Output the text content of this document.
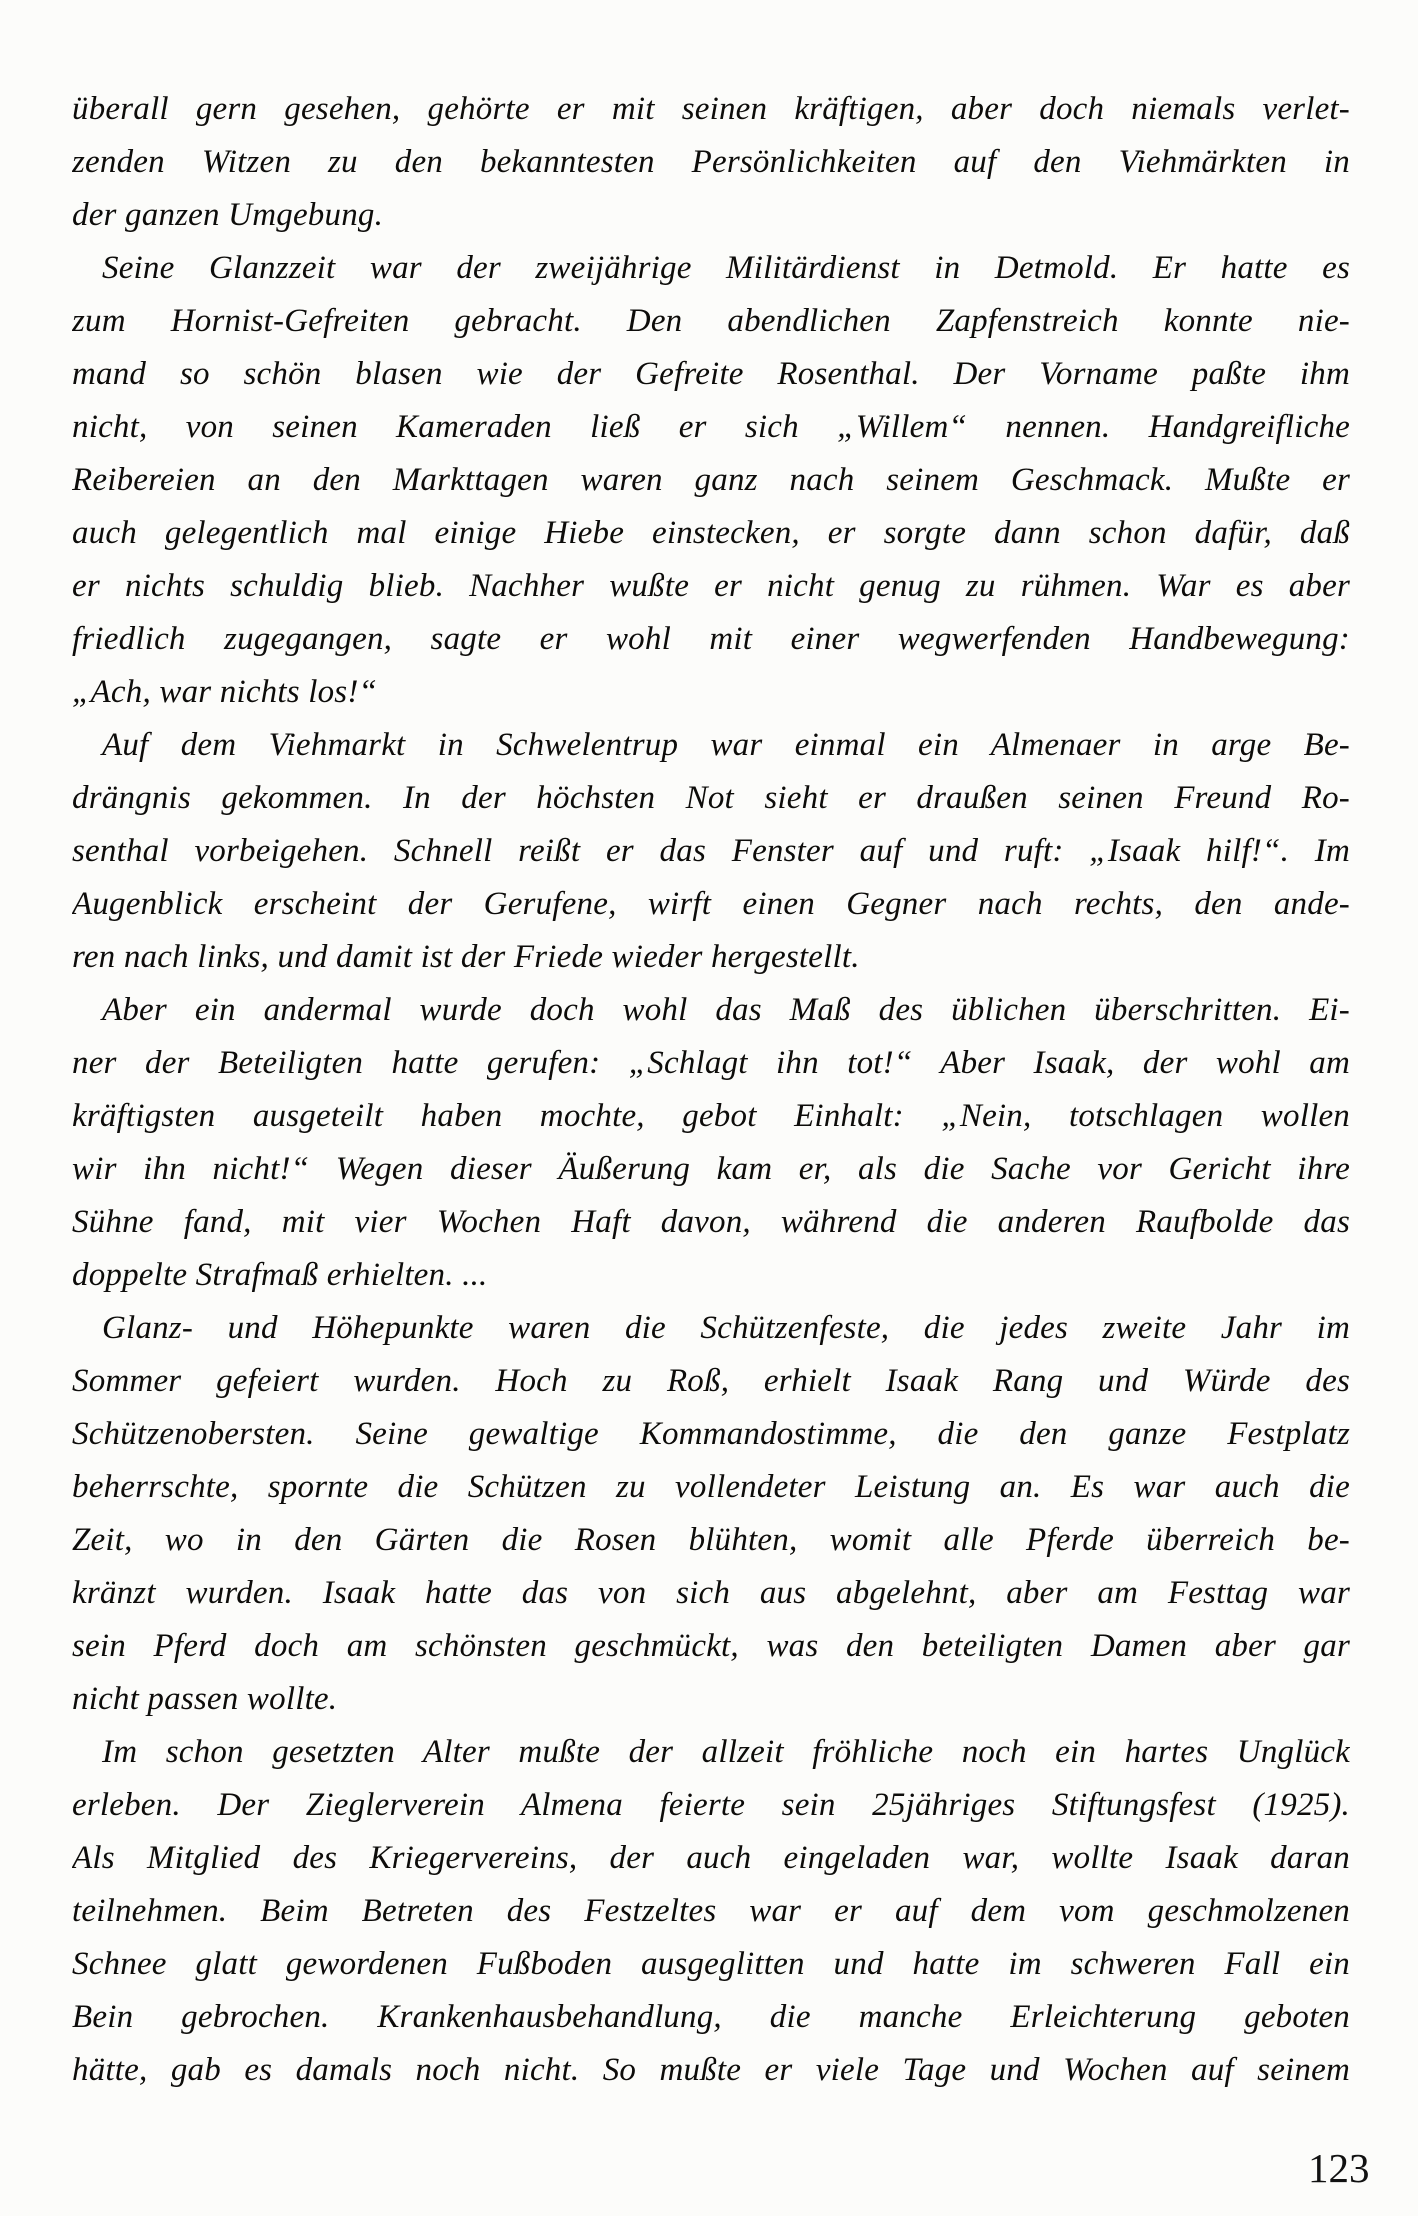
überall gern gesehen, gehörte er mit seinen kräftigen, aber doch niemals verlet-
zenden Witzen zu den bekanntesten Persönlichkeiten auf den Viehmärkten in
der ganzen Umgebung.
Seine Glanzzeit war der zweijährige Militärdienst in Detmold. Er hatte es
zum Hornist-Gefreiten gebracht. Den abendlichen Zapfenstreich konnte nie-
mand so schön blasen wie der Gefreite Rosenthal. Der Vorname paßte ihm
nicht, von seinen Kameraden ließ er sich „Willem“ nennen. Handgreifliche
Reibereien an den Markttagen waren ganz nach seinem Geschmack. Mußte er
auch gelegentlich mal einige Hiebe einstecken, er sorgte dann schon dafür, daß
er nichts schuldig blieb. Nachher wußte er nicht genug zu rühmen. War es aber
friedlich zugegangen, sagte er wohl mit einer wegwerfenden Handbewegung:
„Ach, war nichts los!“
Auf dem Viehmarkt in Schwelentrup war einmal ein Almenaer in arge Be-
drängnis gekommen. In der höchsten Not sieht er draußen seinen Freund Ro-
senthal vorbeigehen. Schnell reißt er das Fenster auf und ruft: „Isaak hilf!“. Im
Augenblick erscheint der Gerufene, wirft einen Gegner nach rechts, den ande-
ren nach links, und damit ist der Friede wieder hergestellt.
Aber ein andermal wurde doch wohl das Maß des üblichen überschritten. Ei-
ner der Beteiligten hatte gerufen: „Schlagt ihn tot!“ Aber Isaak, der wohl am
kräftigsten ausgeteilt haben mochte, gebot Einhalt: „Nein, totschlagen wollen
wir ihn nicht!“ Wegen dieser Äußerung kam er, als die Sache vor Gericht ihre
Sühne fand, mit vier Wochen Haft davon, während die anderen Raufbolde das
doppelte Strafmaß erhielten. ...
Glanz- und Höhepunkte waren die Schützenfeste, die jedes zweite Jahr im
Sommer gefeiert wurden. Hoch zu Roß, erhielt Isaak Rang und Würde des
Schützenobersten. Seine gewaltige Kommandostimme, die den ganze Festplatz
beherrschte, spornte die Schützen zu vollendeter Leistung an. Es war auch die
Zeit, wo in den Gärten die Rosen blühten, womit alle Pferde überreich be-
kränzt wurden. Isaak hatte das von sich aus abgelehnt, aber am Festtag war
sein Pferd doch am schönsten geschmückt, was den beteiligten Damen aber gar
nicht passen wollte.
Im schon gesetzten Alter mußte der allzeit fröhliche noch ein hartes Unglück
erleben. Der Zieglerverein Almena feierte sein 25jähriges Stiftungsfest (1925).
Als Mitglied des Kriegervereins, der auch eingeladen war, wollte Isaak daran
teilnehmen. Beim Betreten des Festzeltes war er auf dem vom geschmolzenen
Schnee glatt gewordenen Fußboden ausgeglitten und hatte im schweren Fall ein
Bein gebrochen. Krankenhausbehandlung, die manche Erleichterung geboten
hätte, gab es damals noch nicht. So mußte er viele Tage und Wochen auf seinem
123
